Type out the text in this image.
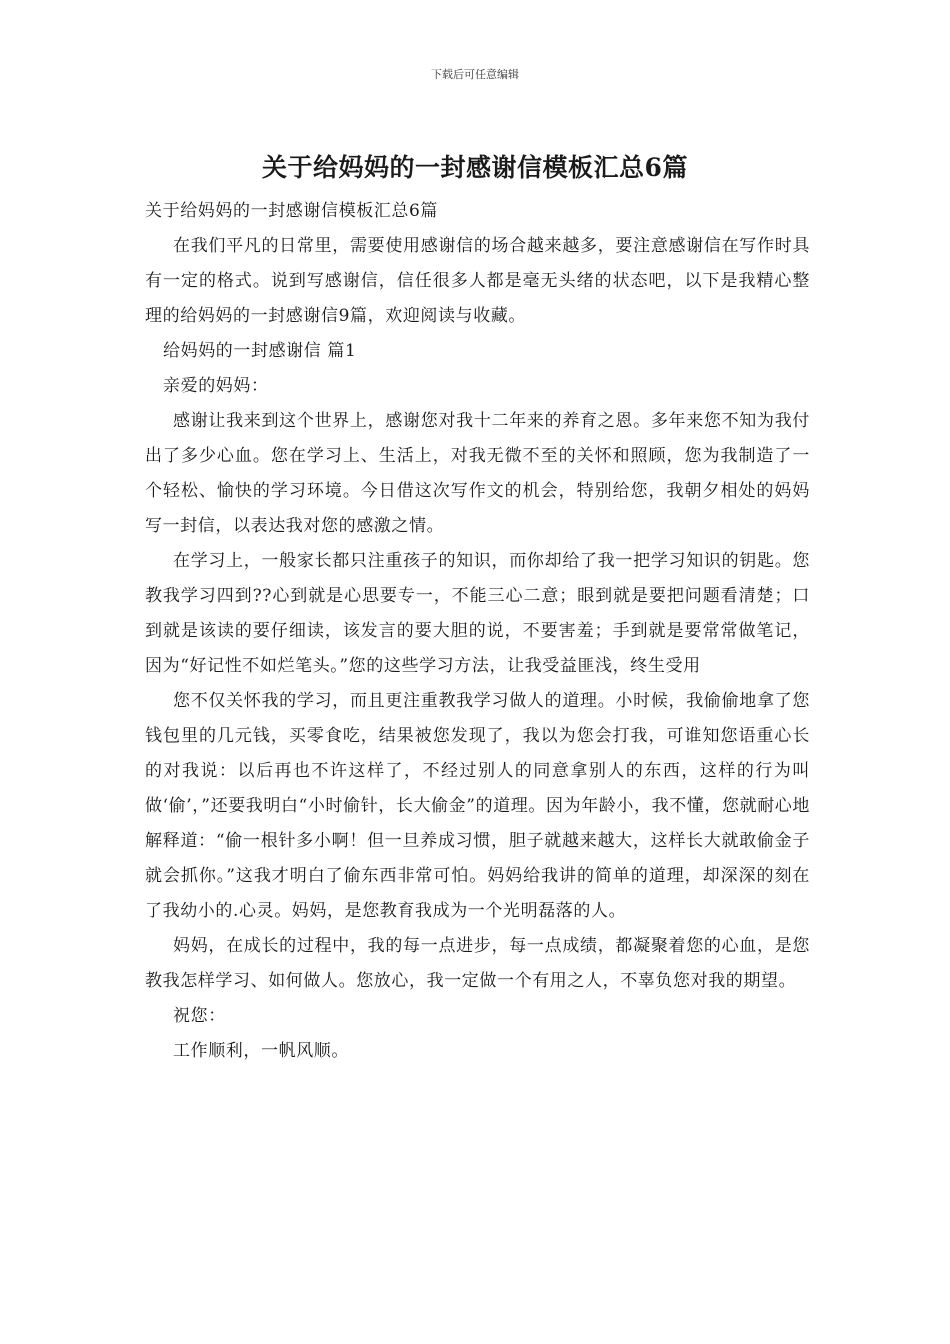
下载后可任意编辑
关于给妈妈的一封感谢信模板汇总6篇

关于给妈妈的一封感谢信模板汇总6篇

在我们平凡的日常里，需要使用感谢信的场合越来越多，要注意感谢信在写作时具有一定的格式。说到写感谢信，信任很多人都是毫无头绪的状态吧，以下是我精心整理的给妈妈的一封感谢信9篇，欢迎阅读与收藏。

给妈妈的一封感谢信 篇1

亲爱的妈妈：

感谢让我来到这个世界上，感谢您对我十二年来的养育之恩。多年来您不知为我付出了多少心血。您在学习上、生活上，对我无微不至的关怀和照顾，您为我制造了一个轻松、愉快的学习环境。今日借这次写作文的机会，特别给您，我朝夕相处的妈妈写一封信，以表达我对您的感激之情。

在学习上，一般家长都只注重孩子的知识，而你却给了我一把学习知识的钥匙。您教我学习四到??心到就是心思要专一，不能三心二意；眼到就是要把问题看清楚；口到就是该读的要仔细读，该发言的要大胆的说，不要害羞；手到就是要常常做笔记，因为“好记性不如烂笔头。”您的这些学习方法，让我受益匪浅，终生受用

您不仅关怀我的学习，而且更注重教我学习做人的道理。小时候，我偷偷地拿了您钱包里的几元钱，买零食吃，结果被您发现了，我以为您会打我，可谁知您语重心长的对我说：以后再也不许这样了，不经过别人的同意拿别人的东西，这样的行为叫做‘偷’，”还要我明白“小时偷针，长大偷金”的道理。因为年龄小，我不懂，您就耐心地解释道：“偷一根针多小啊！但一旦养成习惯，胆子就越来越大，这样长大就敢偷金子就会抓你。”这我才明白了偷东西非常可怕。妈妈给我讲的简单的道理，却深深的刻在了我幼小的.心灵。妈妈，是您教育我成为一个光明磊落的人。

妈妈，在成长的过程中，我的每一点进步，每一点成绩，都凝聚着您的心血，是您教我怎样学习、如何做人。您放心，我一定做一个有用之人，不辜负您对我的期望。

祝您：

工作顺利，一帆风顺。
